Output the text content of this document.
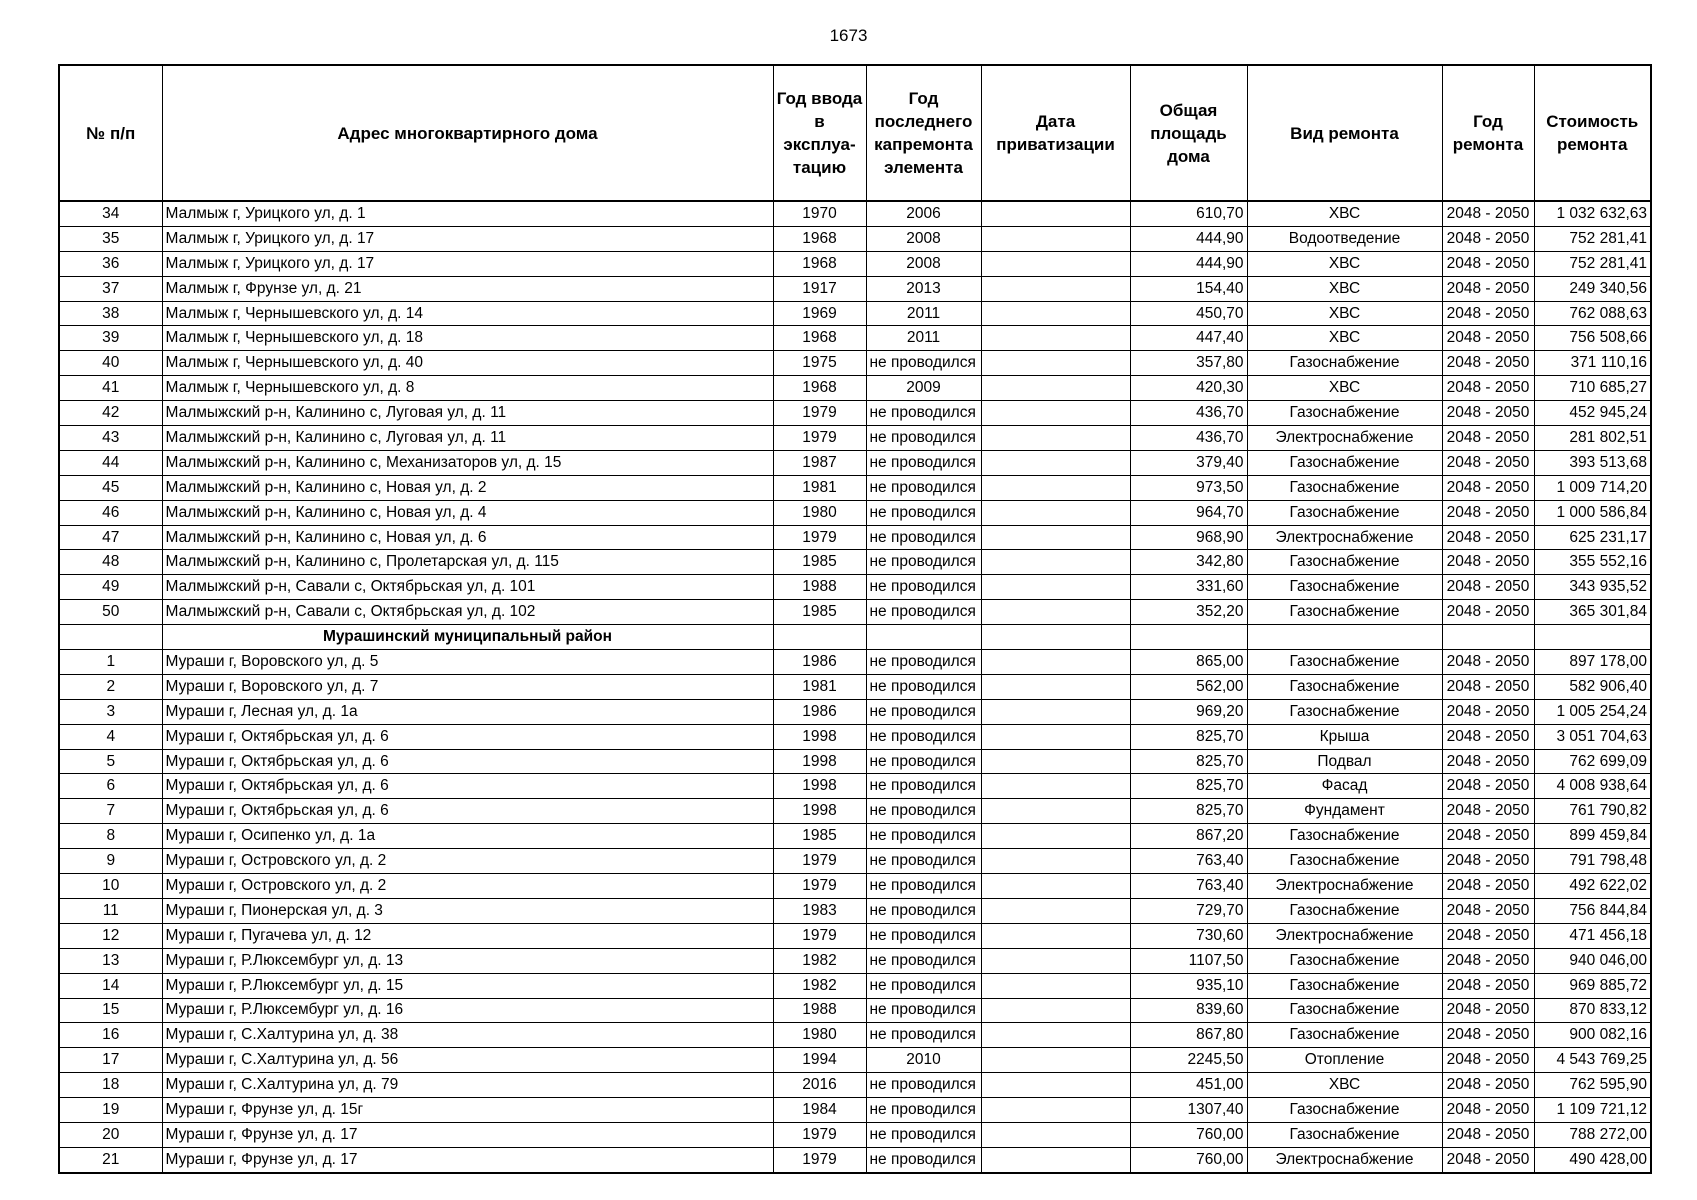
1673
№ п/п	Адрес многоквартирного дома	Год ввода в эксплуа-тацию	Год последнего капремонта элемента	Дата приватизации	Общая площадь дома	Вид ремонта	Год ремонта	Стоимость ремонта
34	Малмыж г, Урицкого ул, д. 1	1970	2006		610,70	ХВС	2048 - 2050	1 032 632,63
35	Малмыж г, Урицкого ул, д. 17	1968	2008		444,90	Водоотведение	2048 - 2050	752 281,41
36	Малмыж г, Урицкого ул, д. 17	1968	2008		444,90	ХВС	2048 - 2050	752 281,41
37	Малмыж г, Фрунзе ул, д. 21	1917	2013		154,40	ХВС	2048 - 2050	249 340,56
38	Малмыж г, Чернышевского ул, д. 14	1969	2011		450,70	ХВС	2048 - 2050	762 088,63
39	Малмыж г, Чернышевского ул, д. 18	1968	2011		447,40	ХВС	2048 - 2050	756 508,66
40	Малмыж г, Чернышевского ул, д. 40	1975	не проводился		357,80	Газоснабжение	2048 - 2050	371 110,16
41	Малмыж г, Чернышевского ул, д. 8	1968	2009		420,30	ХВС	2048 - 2050	710 685,27
42	Малмыжский р-н, Калинино с, Луговая ул, д. 11	1979	не проводился		436,70	Газоснабжение	2048 - 2050	452 945,24
43	Малмыжский р-н, Калинино с, Луговая ул, д. 11	1979	не проводился		436,70	Электроснабжение	2048 - 2050	281 802,51
44	Малмыжский р-н, Калинино с, Механизаторов ул, д. 15	1987	не проводился		379,40	Газоснабжение	2048 - 2050	393 513,68
45	Малмыжский р-н, Калинино с, Новая ул, д. 2	1981	не проводился		973,50	Газоснабжение	2048 - 2050	1 009 714,20
46	Малмыжский р-н, Калинино с, Новая ул, д. 4	1980	не проводился		964,70	Газоснабжение	2048 - 2050	1 000 586,84
47	Малмыжский р-н, Калинино с, Новая ул, д. 6	1979	не проводился		968,90	Электроснабжение	2048 - 2050	625 231,17
48	Малмыжский р-н, Калинино с, Пролетарская ул, д. 115	1985	не проводился		342,80	Газоснабжение	2048 - 2050	355 552,16
49	Малмыжский р-н, Савали с, Октябрьская ул, д. 101	1988	не проводился		331,60	Газоснабжение	2048 - 2050	343 935,52
50	Малмыжский р-н, Савали с, Октябрьская ул, д. 102	1985	не проводился		352,20	Газоснабжение	2048 - 2050	365 301,84
	Мурашинский муниципальный район							
1	Мураши г, Воровского ул, д. 5	1986	не проводился		865,00	Газоснабжение	2048 - 2050	897 178,00
2	Мураши г, Воровского ул, д. 7	1981	не проводился		562,00	Газоснабжение	2048 - 2050	582 906,40
3	Мураши г, Лесная ул, д. 1а	1986	не проводился		969,20	Газоснабжение	2048 - 2050	1 005 254,24
4	Мураши г, Октябрьская ул, д. 6	1998	не проводился		825,70	Крыша	2048 - 2050	3 051 704,63
5	Мураши г, Октябрьская ул, д. 6	1998	не проводился		825,70	Подвал	2048 - 2050	762 699,09
6	Мураши г, Октябрьская ул, д. 6	1998	не проводился		825,70	Фасад	2048 - 2050	4 008 938,64
7	Мураши г, Октябрьская ул, д. 6	1998	не проводился		825,70	Фундамент	2048 - 2050	761 790,82
8	Мураши г, Осипенко ул, д. 1а	1985	не проводился		867,20	Газоснабжение	2048 - 2050	899 459,84
9	Мураши г, Островского ул, д. 2	1979	не проводился		763,40	Газоснабжение	2048 - 2050	791 798,48
10	Мураши г, Островского ул, д. 2	1979	не проводился		763,40	Электроснабжение	2048 - 2050	492 622,02
11	Мураши г, Пионерская ул, д. 3	1983	не проводился		729,70	Газоснабжение	2048 - 2050	756 844,84
12	Мураши г, Пугачева ул, д. 12	1979	не проводился		730,60	Электроснабжение	2048 - 2050	471 456,18
13	Мураши г, Р.Люксембург ул, д. 13	1982	не проводился		1107,50	Газоснабжение	2048 - 2050	940 046,00
14	Мураши г, Р.Люксембург ул, д. 15	1982	не проводился		935,10	Газоснабжение	2048 - 2050	969 885,72
15	Мураши г, Р.Люксембург ул, д. 16	1988	не проводился		839,60	Газоснабжение	2048 - 2050	870 833,12
16	Мураши г, С.Халтурина ул, д. 38	1980	не проводился		867,80	Газоснабжение	2048 - 2050	900 082,16
17	Мураши г, С.Халтурина ул, д. 56	1994	2010		2245,50	Отопление	2048 - 2050	4 543 769,25
18	Мураши г, С.Халтурина ул, д. 79	2016	не проводился		451,00	ХВС	2048 - 2050	762 595,90
19	Мураши г, Фрунзе ул, д. 15г	1984	не проводился		1307,40	Газоснабжение	2048 - 2050	1 109 721,12
20	Мураши г, Фрунзе ул, д. 17	1979	не проводился		760,00	Газоснабжение	2048 - 2050	788 272,00
21	Мураши г, Фрунзе ул, д. 17	1979	не проводился		760,00	Электроснабжение	2048 - 2050	490 428,00
